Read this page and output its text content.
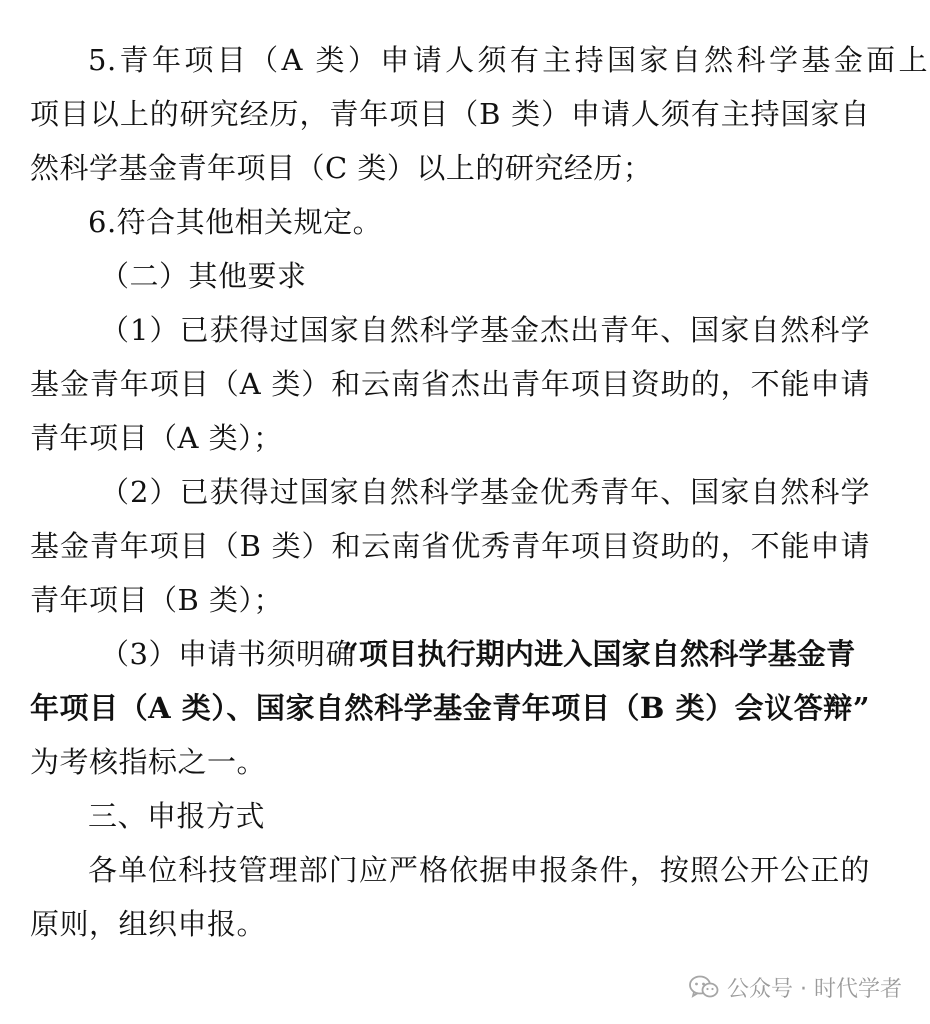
5.青年项目（A 类）申请人须有主持国家自然科学基金面上
项目以上的研究经历，青年项目（B 类）申请人须有主持国家自
然科学基金青年项目（C 类）以上的研究经历；
6.符合其他相关规定。
（二）其他要求
（1）已获得过国家自然科学基金杰出青年、国家自然科学
基金青年项目（A 类）和云南省杰出青年项目资助的，不能申请
青年项目（A 类）；
（2）已获得过国家自然科学基金优秀青年、国家自然科学
基金青年项目（B 类）和云南省优秀青年项目资助的，不能申请
青年项目（B 类）；
（3）申请书须明确
“项目执行期内进入国家自然科学基金青
年项目（A 类）、国家自然科学基金青年项目（B 类）会议答辩”
为考核指标之一。
三、申报方式
各单位科技管理部门应严格依据申报条件，按照公开公正的
原则，组织申报。
公众号 · 时代学者
